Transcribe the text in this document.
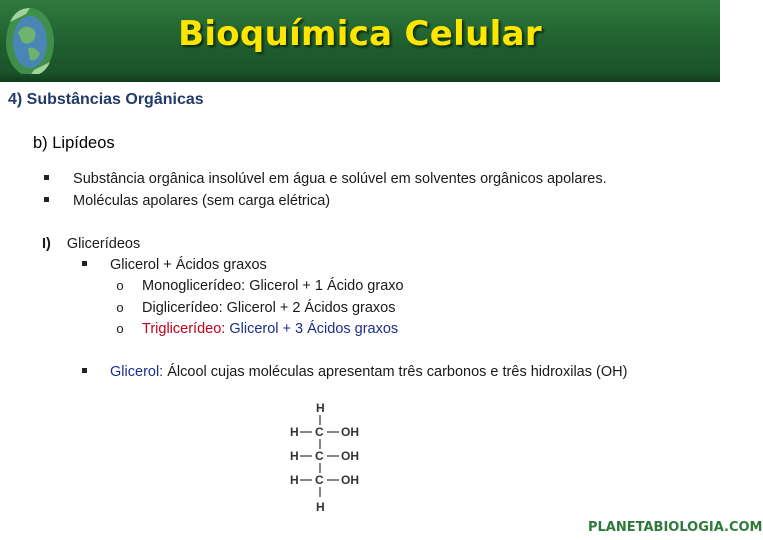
Bioquímica Celular
4) Substâncias Orgânicas
b) Lipídeos
Substância orgânica insolúvel em água e solúvel em solventes orgânicos apolares.
Moléculas apolares (sem carga elétrica)
I) Glicerídeos
Glicerol + Ácidos graxos
o Monoglicerídeo: Glicerol + 1 Ácido graxo
o Diglicerídeo: Glicerol + 2 Ácidos graxos
o Triglicerídeo: Glicerol + 3 Ácidos graxos
Glicerol: Álcool cujas moléculas apresentam três carbonos e três hidroxilas (OH)
H
H C OH
H C OH
H C OH
H
PLANETABIOLOGIA.COM
